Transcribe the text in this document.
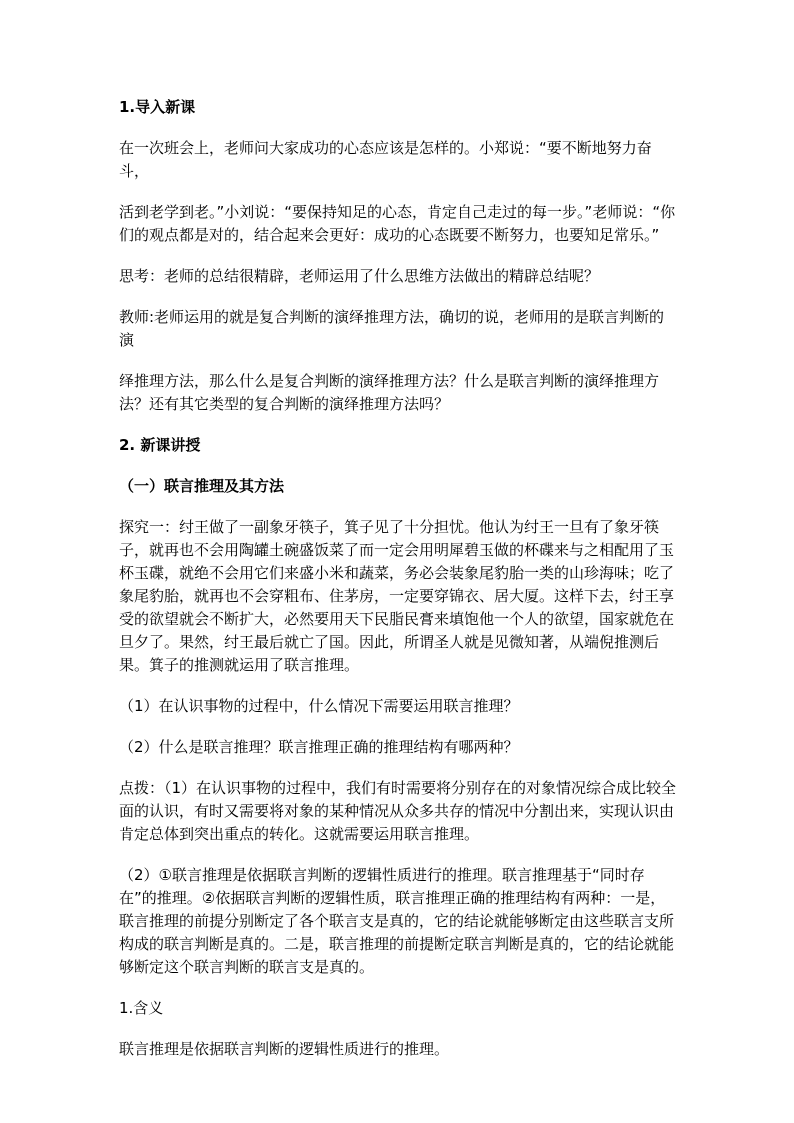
1.导入新课

在一次班会上，老师问大家成功的心态应该是怎样的。小郑说：“要不断地努力奋斗，

活到老学到老。”小刘说：“要保持知足的心态，肯定自己走过的每一步。”老师说：“你们的观点都是对的，结合起来会更好：成功的心态既要不断努力，也要知足常乐。”

思考：老师的总结很精辟，老师运用了什么思维方法做出的精辟总结呢？

教师:老师运用的就是复合判断的演绎推理方法，确切的说，老师用的是联言判断的演

绎推理方法，那么什么是复合判断的演绎推理方法？什么是联言判断的演绎推理方法？还有其它类型的复合判断的演绎推理方法吗？

2. 新课讲授

（一）联言推理及其方法

探究一：纣王做了一副象牙筷子，箕子见了十分担忧。他认为纣王一旦有了象牙筷子，就再也不会用陶罐土碗盛饭菜了而一定会用明犀碧玉做的杯碟来与之相配用了玉杯玉碟，就绝不会用它们来盛小米和蔬菜，务必会装象尾豹胎一类的山珍海味；吃了象尾豹胎，就再也不会穿粗布、住茅房，一定要穿锦衣、居大厦。这样下去，纣王享受的欲望就会不断扩大，必然要用天下民脂民膏来填饱他一个人的欲望，国家就危在旦夕了。果然，纣王最后就亡了国。因此，所谓圣人就是见微知著，从端倪推测后果。箕子的推测就运用了联言推理。

（1）在认识事物的过程中，什么情况下需要运用联言推理？

（2）什么是联言推理？联言推理正确的推理结构有哪两种？

点拨：（1）在认识事物的过程中，我们有时需要将分别存在的对象情况综合成比较全面的认识，有时又需要将对象的某种情况从众多共存的情况中分割出来，实现认识由肯定总体到突出重点的转化。这就需要运用联言推理。

（2）①联言推理是依据联言判断的逻辑性质进行的推理。联言推理基于“同时存在”的推理。②依据联言判断的逻辑性质，联言推理正确的推理结构有两种：一是，联言推理的前提分别断定了各个联言支是真的，它的结论就能够断定由这些联言支所构成的联言判断是真的。二是，联言推理的前提断定联言判断是真的，它的结论就能够断定这个联言判断的联言支是真的。

1.含义

联言推理是依据联言判断的逻辑性质进行的推理。
